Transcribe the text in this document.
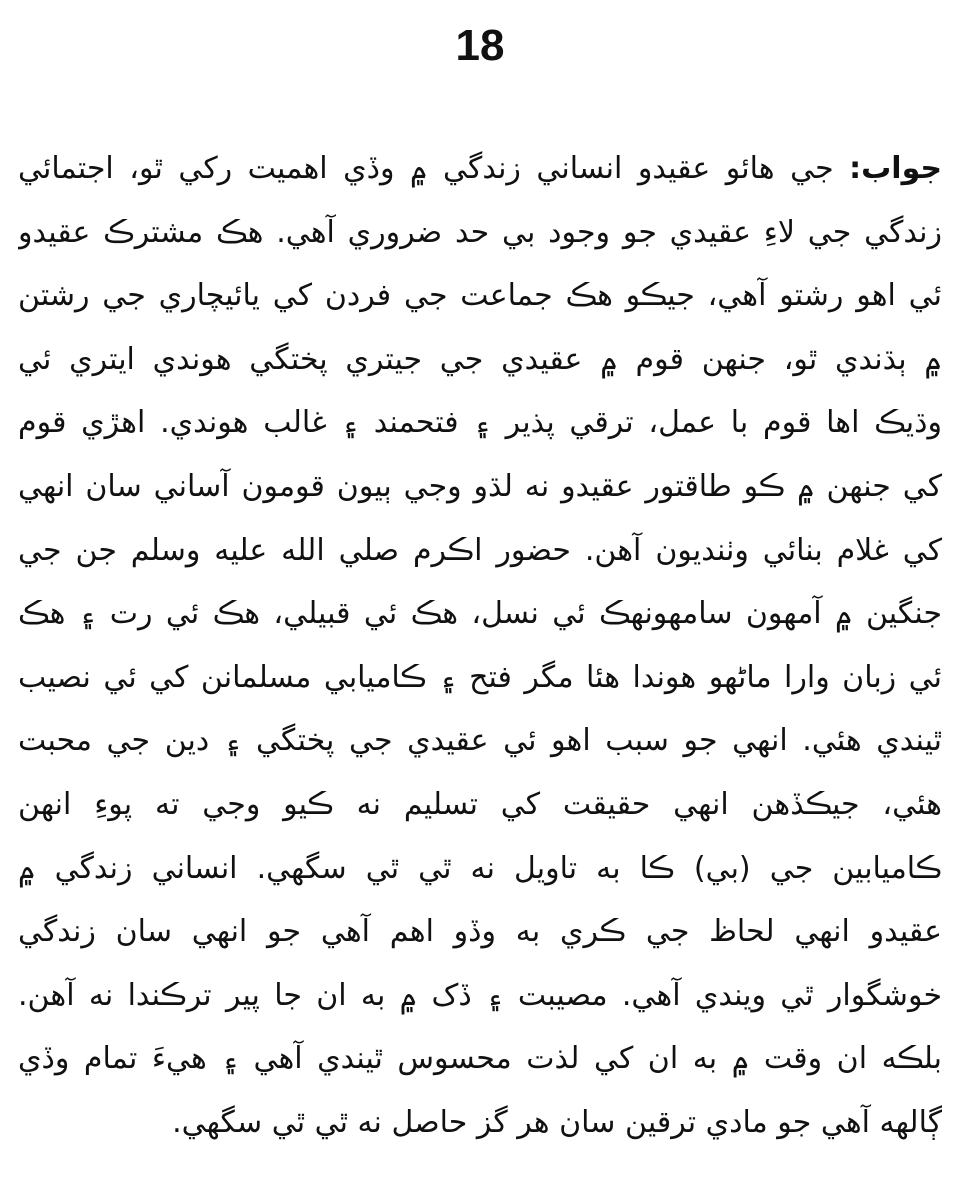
18
جواب: جي هائو عقيدو انساني زندگي ۾ وڏي اهميت رکي ٿو، اجتمائي
زندگي جي لاءِ عقيدي جو وجود بي حد ضروري آهي. هڪ مشترڪ عقيدو
ئي اهو رشتو آهي، جيڪو هڪ جماعت جي فردن کي يائيچاري جي رشتن
۾ ٻڌندي ٿو، جنهن قوم ۾ عقيدي جي جيتري پختگي هوندي ايتري ئي
وڌيڪ اها قوم با عمل، ترقي پذير ۽ فتحمند ۽ غالب هوندي. اهڙي قوم
کي جنهن ۾ ڪو طاقتور عقيدو نه لڌو وجي ٻيون قومون آساني سان انهي
کي غلام بنائي وٺنديون آهن. حضور اڪرم صلي الله عليه وسلم جن جي
جنگين ۾ آمهون سامهونهڪ ئي نسل، هڪ ئي قبيلي، هڪ ئي رت ۽ هڪ
ئي زبان وارا ماڻهو هوندا هئا مگر فتح ۽ ڪاميابي مسلمانن کي ئي نصيب
ٿيندي هئي. انهي جو سبب اهو ئي عقيدي جي پختگي ۽ دين جي محبت
هئي، جيڪڏهن انهي حقيقت کي تسليم نه ڪيو وجي ته پوءِ انهن
ڪاميابين جي (بي) ڪا به تاويل نه ٿي ٿي سگهي. انساني زندگي ۾
عقيدو انهي لحاظ جي ڪري به وڏو اهم آهي جو انهي سان زندگي
خوشگوار ٿي ويندي آهي. مصيبت ۽ ڏک ۾ به ان جا پير ترڪندا نه آهن.
بلڪه ان وقت ۾ به ان کي لذت محسوس ٿيندي آهي ۽ هيءَ تمام وڏي
ڳالهه آهي جو مادي ترقين سان هر گز حاصل نه ٿي ٿي سگهي.
